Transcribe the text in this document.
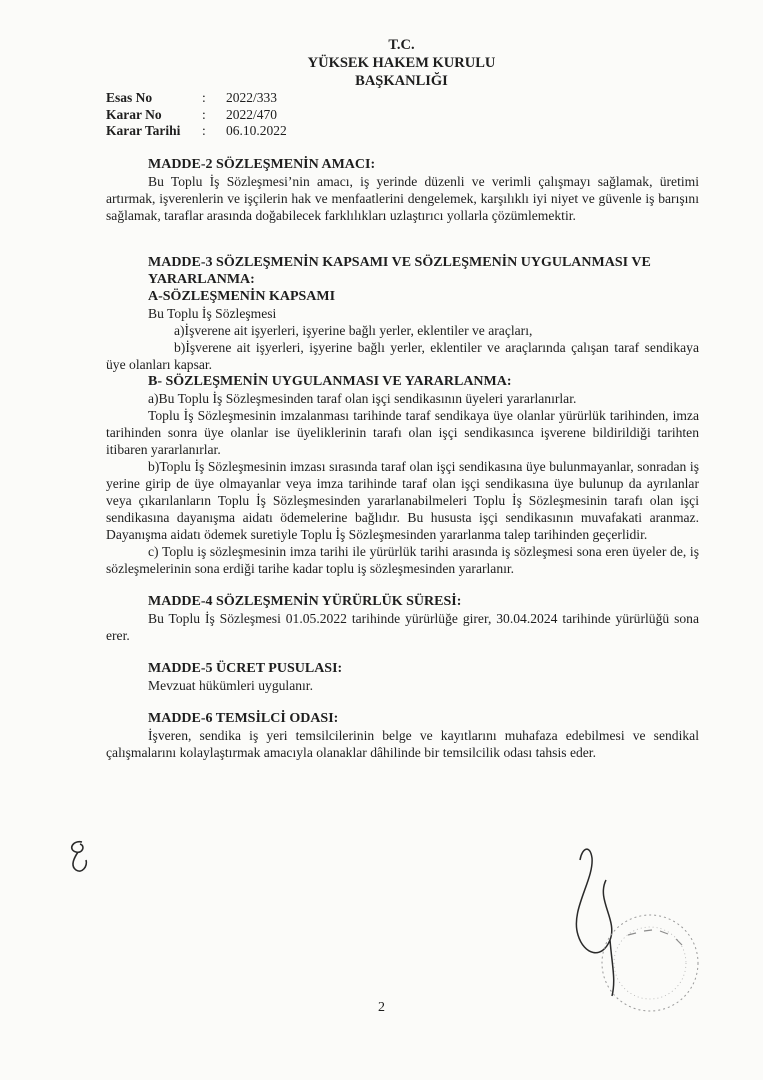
T.C.
YÜKSEK HAKEM KURULU
BAŞKANLIĞI
Esas No	:	2022/333
Karar No	:	2022/470
Karar Tarihi	:	06.10.2022
MADDE-2 SÖZLEŞMENİN AMACI:

Bu Toplu İş Sözleşmesi’nin amacı, iş yerinde düzenli ve verimli çalışmayı sağlamak, üretimi artırmak, işverenlerin ve işçilerin hak ve menfaatlerini dengelemek, karşılıklı iyi niyet ve güvenle iş barışını sağlamak, taraflar arasında doğabilecek farklılıkları uzlaştırıcı yollarla çözümlemektir.

MADDE-3 SÖZLEŞMENİN KAPSAMI VE SÖZLEŞMENİN UYGULANMASI VE YARARLANMA:
A-SÖZLEŞMENİN KAPSAMI

Bu Toplu İş Sözleşmesi

a)İşverene ait işyerleri, işyerine bağlı yerler, eklentiler ve araçları,

b)İşverene ait işyerleri, işyerine bağlı yerler, eklentiler ve araçlarında çalışan taraf sendikaya üye olanları kapsar.

B- SÖZLEŞMENİN UYGULANMASI VE YARARLANMA:

a)Bu Toplu İş Sözleşmesinden taraf olan işçi sendikasının üyeleri yararlanırlar.

Toplu İş Sözleşmesinin imzalanması tarihinde taraf sendikaya üye olanlar yürürlük tarihinden, imza tarihinden sonra üye olanlar ise üyeliklerinin tarafı olan işçi sendikasınca işverene bildirildiği tarihten itibaren yararlanırlar.

b)Toplu İş Sözleşmesinin imzası sırasında taraf olan işçi sendikasına üye bulunmayanlar, sonradan iş yerine girip de üye olmayanlar veya imza tarihinde taraf olan işçi sendikasına üye bulunup da ayrılanlar veya çıkarılanların Toplu İş Sözleşmesinden yararlanabilmeleri Toplu İş Sözleşmesinin tarafı olan işçi sendikasına dayanışma aidatı ödemelerine bağlıdır. Bu hususta işçi sendikasının muvafakati aranmaz. Dayanışma aidatı ödemek suretiyle Toplu İş Sözleşmesinden yararlanma talep tarihinden geçerlidir.

c) Toplu iş sözleşmesinin imza tarihi ile yürürlük tarihi arasında iş sözleşmesi sona eren üyeler de, iş sözleşmelerinin sona erdiği tarihe kadar toplu iş sözleşmesinden yararlanır.

MADDE-4 SÖZLEŞMENİN YÜRÜRLÜK SÜRESİ:

Bu Toplu İş Sözleşmesi 01.05.2022 tarihinde yürürlüğe girer, 30.04.2024 tarihinde yürürlüğü sona erer.

MADDE-5 ÜCRET PUSULASI:

Mevzuat hükümleri uygulanır.

MADDE-6 TEMSİLCİ ODASI:

İşveren, sendika iş yeri temsilcilerinin belge ve kayıtlarını muhafaza edebilmesi ve sendikal çalışmalarını kolaylaştırmak amacıyla olanaklar dâhilinde bir temsilcilik odası tahsis eder.

2
